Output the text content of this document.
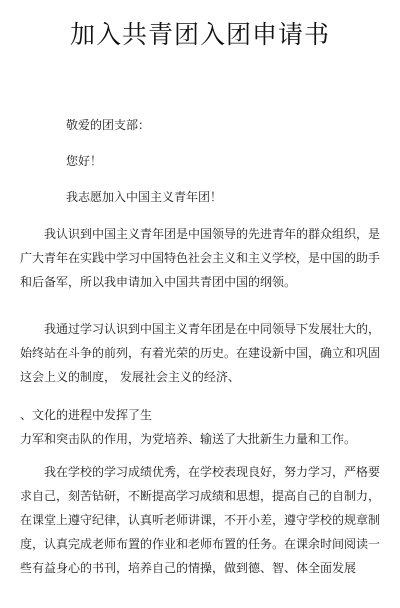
加入共青团入团申请书
敬爱的团支部：
您好！
我志愿加入中国主义青年团！

我认识到中国主义青年团是中国领导的先进青年的群众组织，是广大青年在实践中学习中国特色社会主义和主义学校，是中国的助手和后备军，所以我申请加入中国共青团中国的纲领。

我通过学习认识到中国主义青年团是在中同领导下发展壮大的，始终站在斗争的前列，有着光荣的历史。在建设新中国，确立和巩固这会上义的制度， 发展社会主义的经济、

、文化的进程中发挥了生
力军和突击队的作用，为党培养、输送了大批新生力量和工作。

我在学校的学习成绩优秀，在学校表现良好，努力学习，严格要求自己，刻苦钻研，不断提高学习成绩和思想，提高自己的自制力，在课堂上遵守纪律，认真听老师讲课，不开小差，遵守学校的规章制度，认真完成老师布置的作业和老师布置的任务。在课余时间阅读一些有益身心的书刊，培养自己的情操，做到德、智、体全面发展
